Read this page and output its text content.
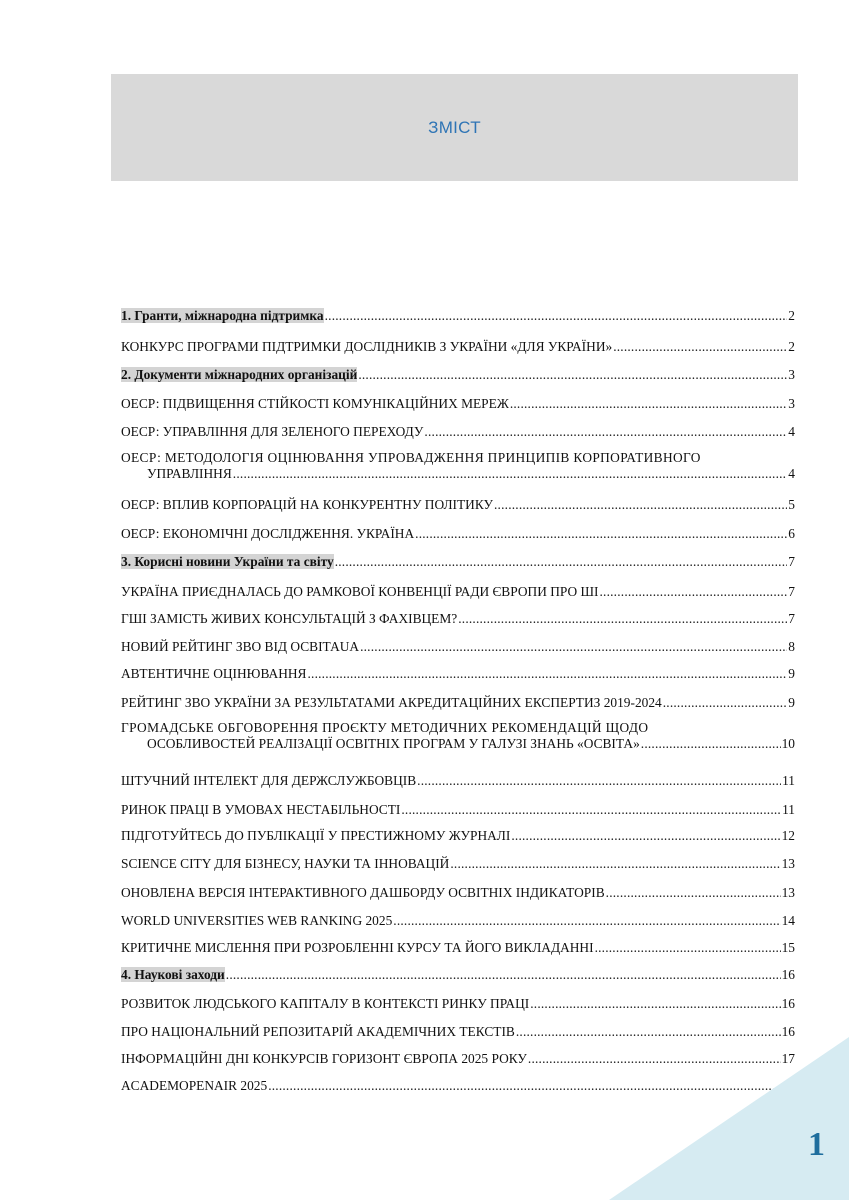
ЗМІСТ
1. Гранти, міжнародна підтримка .....	2
КОНКУРС ПРОГРАМИ ПІДТРИМКИ ДОСЛІДНИКІВ З УКРАЇНИ «ДЛЯ УКРАЇНИ» .....	2
2. Документи міжнародних організацій .....	3
ОЕСР: ПІДВИЩЕННЯ СТІЙКОСТІ КОМУНІКАЦІЙНИХ МЕРЕЖ .....	3
ОЕСР: УПРАВЛІННЯ ДЛЯ ЗЕЛЕНОГО ПЕРЕХОДУ .....	4
ОЕСР: МЕТОДОЛОГІЯ ОЦІНЮВАННЯ УПРОВАДЖЕННЯ ПРИНЦИПІВ КОРПОРАТИВНОГО
УПРАВЛІННЯ .....	4
ОЕСР: ВПЛИВ КОРПОРАЦІЙ НА КОНКУРЕНТНУ ПОЛІТИКУ .....	5
ОЕСР: ЕКОНОМІЧНІ ДОСЛІДЖЕННЯ. УКРАЇНА .....	6
3. Корисні новини України та світу .....	7
УКРАЇНА ПРИЄДНАЛАСЬ ДО РАМКОВОЇ КОНВЕНЦІЇ РАДИ ЄВРОПИ ПРО ШІ .....	7
ГШІ ЗАМІСТЬ ЖИВИХ КОНСУЛЬТАЦІЙ З ФАХІВЦЕМ? .....	7
НОВИЙ РЕЙТИНГ ЗВО ВІД ОСВІТАUA .....	8
АВТЕНТИЧНЕ ОЦІНЮВАННЯ .....	9
РЕЙТИНГ ЗВО УКРАЇНИ ЗА РЕЗУЛЬТАТАМИ АКРЕДИТАЦІЙНИХ ЕКСПЕРТИЗ 2019-2024 .....	9
ГРОМАДСЬКЕ ОБГОВОРЕННЯ ПРОЄКТУ МЕТОДИЧНИХ РЕКОМЕНДАЦІЙ ЩОДО
ОСОБЛИВОСТЕЙ РЕАЛІЗАЦІЇ ОСВІТНІХ ПРОГРАМ У ГАЛУЗІ ЗНАНЬ «ОСВІТА» .....	10
ШТУЧНИЙ ІНТЕЛЕКТ ДЛЯ ДЕРЖСЛУЖБОВЦІВ .....	11
РИНОК ПРАЦІ В УМОВАХ НЕСТАБІЛЬНОСТІ .....	11
ПІДГОТУЙТЕСЬ ДО ПУБЛІКАЦІЇ У ПРЕСТИЖНОМУ ЖУРНАЛІ .....	12
SCIENCE CITY ДЛЯ БІЗНЕСУ, НАУКИ ТА ІННОВАЦІЙ .....	13
ОНОВЛЕНА ВЕРСІЯ ІНТЕРАКТИВНОГО ДАШБОРДУ ОСВІТНІХ ІНДИКАТОРІВ .....	13
WORLD UNIVERSITIES WEB RANKING 2025 .....	14
КРИТИЧНЕ МИСЛЕННЯ ПРИ РОЗРОБЛЕННІ КУРСУ ТА ЙОГО ВИКЛАДАННІ .....	15
4. Наукові заходи .....	16
РОЗВИТОК ЛЮДСЬКОГО КАПІТАЛУ В КОНТЕКСТІ РИНКУ ПРАЦІ .....	16
ПРО НАЦІОНАЛЬНИЙ РЕПОЗИТАРІЙ АКАДЕМІЧНИХ ТЕКСТІВ .....	16
ІНФОРМАЦІЙНІ ДНІ КОНКУРСІВ ГОРИЗОНТ ЄВРОПА 2025 РОКУ .....	17
ACADEMOPENAIR 2025 .....	17
1
